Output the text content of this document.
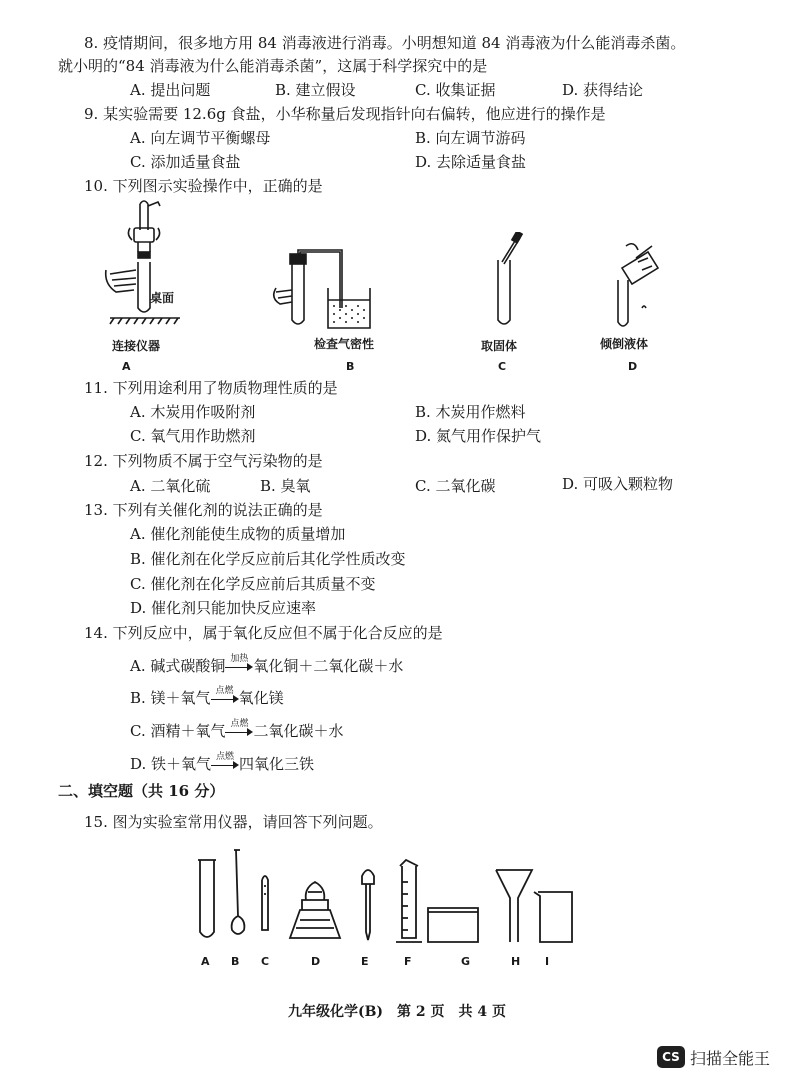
8. 疫情期间，很多地方用 84 消毒液进行消毒。小明想知道 84 消毒液为什么能消毒杀菌。
就小明的“84 消毒液为什么能消毒杀菌”，这属于科学探究中的是
A. 提出问题	B. 建立假设	C. 收集证据	D. 获得结论
9. 某实验需要 12.6g 食盐，小华称量后发现指针向右偏转，他应进行的操作是
A. 向左调节平衡螺母	B. 向左调节游码
C. 添加适量食盐	D. 去除适量食盐
10. 下列图示实验操作中，正确的是
桌面
连接仪器
A
检查气密性
B
取固体
C
倾倒液体
D
11. 下列用途利用了物质物理性质的是
A. 木炭用作吸附剂	B. 木炭用作燃料
C. 氧气用作助燃剂	D. 氮气用作保护气
12. 下列物质不属于空气污染物的是
A. 二氧化硫	B. 臭氧	C. 二氧化碳	D. 可吸入颗粒物
13. 下列有关催化剂的说法正确的是
A. 催化剂能使生成物的质量增加
B. 催化剂在化学反应前后其化学性质改变
C. 催化剂在化学反应前后其质量不变
D. 催化剂只能加快反应速率
14. 下列反应中，属于氧化反应但不属于化合反应的是
A. 碱式碳酸铜 加热 氧化铜＋二氧化碳＋水
B. 镁＋氧气 点燃 氧化镁
C. 酒精＋氧气 点燃 二氧化碳＋水
D. 铁＋氧气 点燃 四氧化三铁
二、填空题（共 16 分）
15. 图为实验室常用仪器，请回答下列问题。
A B C	D	E	F	G	H I
九年级化学(B)　第 2 页　共 4 页
CS 扫描全能王
